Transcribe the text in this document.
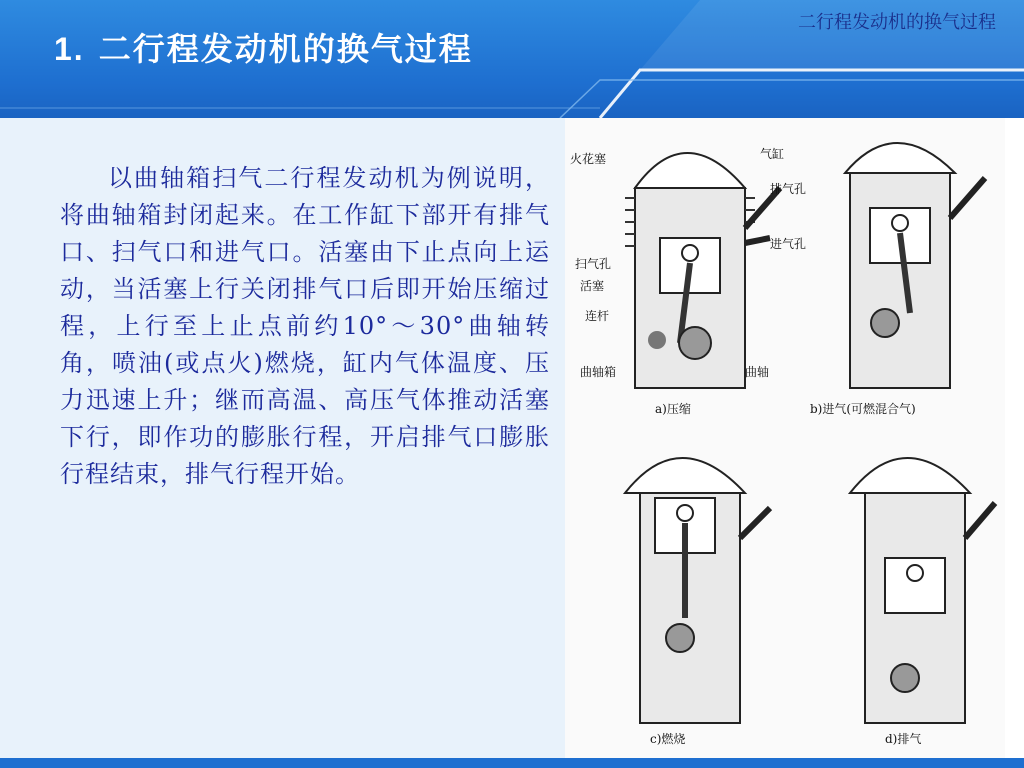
1. 二行程发动机的换气过程
二行程发动机的换气过程

以曲轴箱扫气二行程发动机为例说明，将曲轴箱封闭起来。在工作缸下部开有排气口、扫气口和进气口。活塞由下止点向上运动，当活塞上行关闭排气口后即开始压缩过程，上行至上止点前约10°～30°曲轴转角，喷油(或点火)燃烧，缸内气体温度、压力迅速上升；继而高温、高压气体推动活塞下行，即作功的膨胀行程，开启排气口膨胀行程结束，排气行程开始。

火花塞	气缸
排气孔
进气孔
扫气孔
活塞
连杆
曲轴箱	曲轴
a)压缩	b)进气(可燃混合气)
c)燃烧	d)排气
